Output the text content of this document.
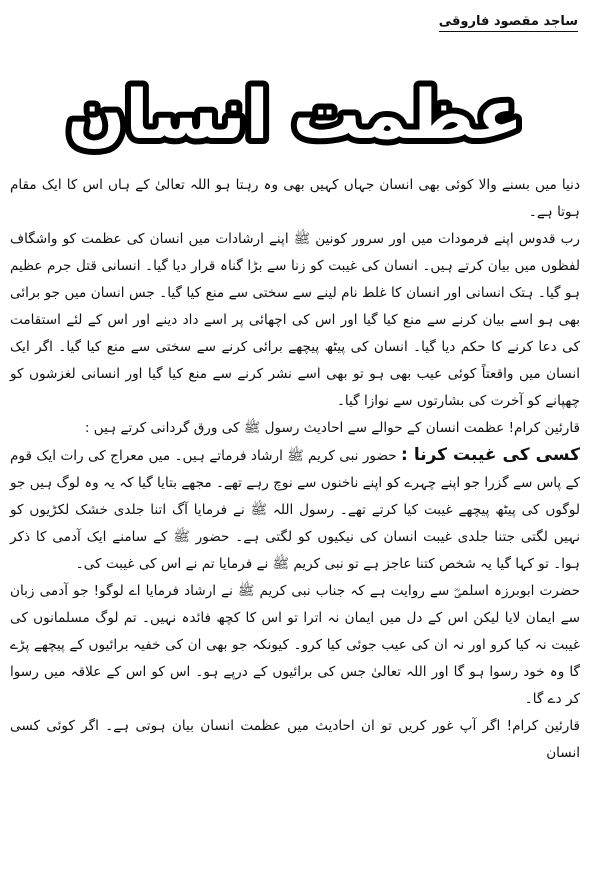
ساجد مقصود فاروقی
عظمت انسان

دنیا میں بسنے والا کوئی بھی انسان جہاں کہیں بھی وہ رہتا ہو اللہ تعالیٰ کے ہاں اس کا ایک مقام ہوتا ہے۔

رب قدوس اپنے فرمودات میں اور سرور کونین ﷺ اپنے ارشادات میں انسان کی عظمت کو واشگاف لفظوں میں بیان کرتے ہیں۔ انسان کی غیبت کو زنا سے بڑا گناہ قرار دیا گیا۔ انسانی قتل جرم عظیم ہو گیا۔ ہتک انسانی اور انسان کا غلط نام لینے سے سختی سے منع کیا گیا۔ جس انسان میں جو برائی بھی ہو اسے بیان کرنے سے منع کیا گیا اور اس کی اچھائی پر اسے داد دینے اور اس کے لئے استقامت کی دعا کرنے کا حکم دیا گیا۔ انسان کی پیٹھ پیچھے برائی کرنے سے سختی سے منع کیا گیا۔ اگر ایک انسان میں واقعتاً کوئی عیب بھی ہو تو بھی اسے نشر کرنے سے منع کیا گیا اور انسانی لغزشوں کو چھپانے کو آخرت کی بشارتوں سے نوازا گیا۔

قارئین کرام! عظمت انسان کے حوالے سے احادیث رسول ﷺ کی ورق گردانی کرتے ہیں :

کسی کی غیبت کرنا : حضور نبی کریم ﷺ ارشاد فرماتے ہیں۔ میں معراج کی رات ایک قوم کے پاس سے گزرا جو اپنے چہرے کو اپنے ناخنوں سے نوچ رہے تھے۔ مجھے بتایا گیا کہ یہ وہ لوگ ہیں جو لوگوں کی پیٹھ پیچھے غیبت کیا کرتے تھے۔ رسول اللہ ﷺ نے فرمایا آگ اتنا جلدی خشک لکڑیوں کو نہیں لگتی جتنا جلدی غیبت انسان کی نیکیوں کو لگتی ہے۔ حضور ﷺ کے سامنے ایک آدمی کا ذکر ہوا۔ تو کہا گیا یہ شخص کتنا عاجز ہے تو نبی کریم ﷺ نے فرمایا تم نے اس کی غیبت کی۔

حضرت ابوبرزہ اسلمیؓ سے روایت ہے کہ جناب نبی کریم ﷺ نے ارشاد فرمایا اے لوگو! جو آدمی زبان سے ایمان لایا لیکن اس کے دل میں ایمان نہ اترا تو اس کا کچھ فائدہ نہیں۔ تم لوگ مسلمانوں کی غیبت نہ کیا کرو اور نہ ان کی عیب جوئی کیا کرو۔ کیونکہ جو بھی ان کی خفیہ برائیوں کے پیچھے پڑے گا وہ خود رسوا ہو گا اور اللہ تعالیٰ جس کی برائیوں کے درپے ہو۔ اس کو اس کے علاقہ میں رسوا کر دے گا۔

قارئین کرام! اگر آپ غور کریں تو ان احادیث میں عظمت انسان بیان ہوتی ہے۔ اگر کوئی کسی انسان
